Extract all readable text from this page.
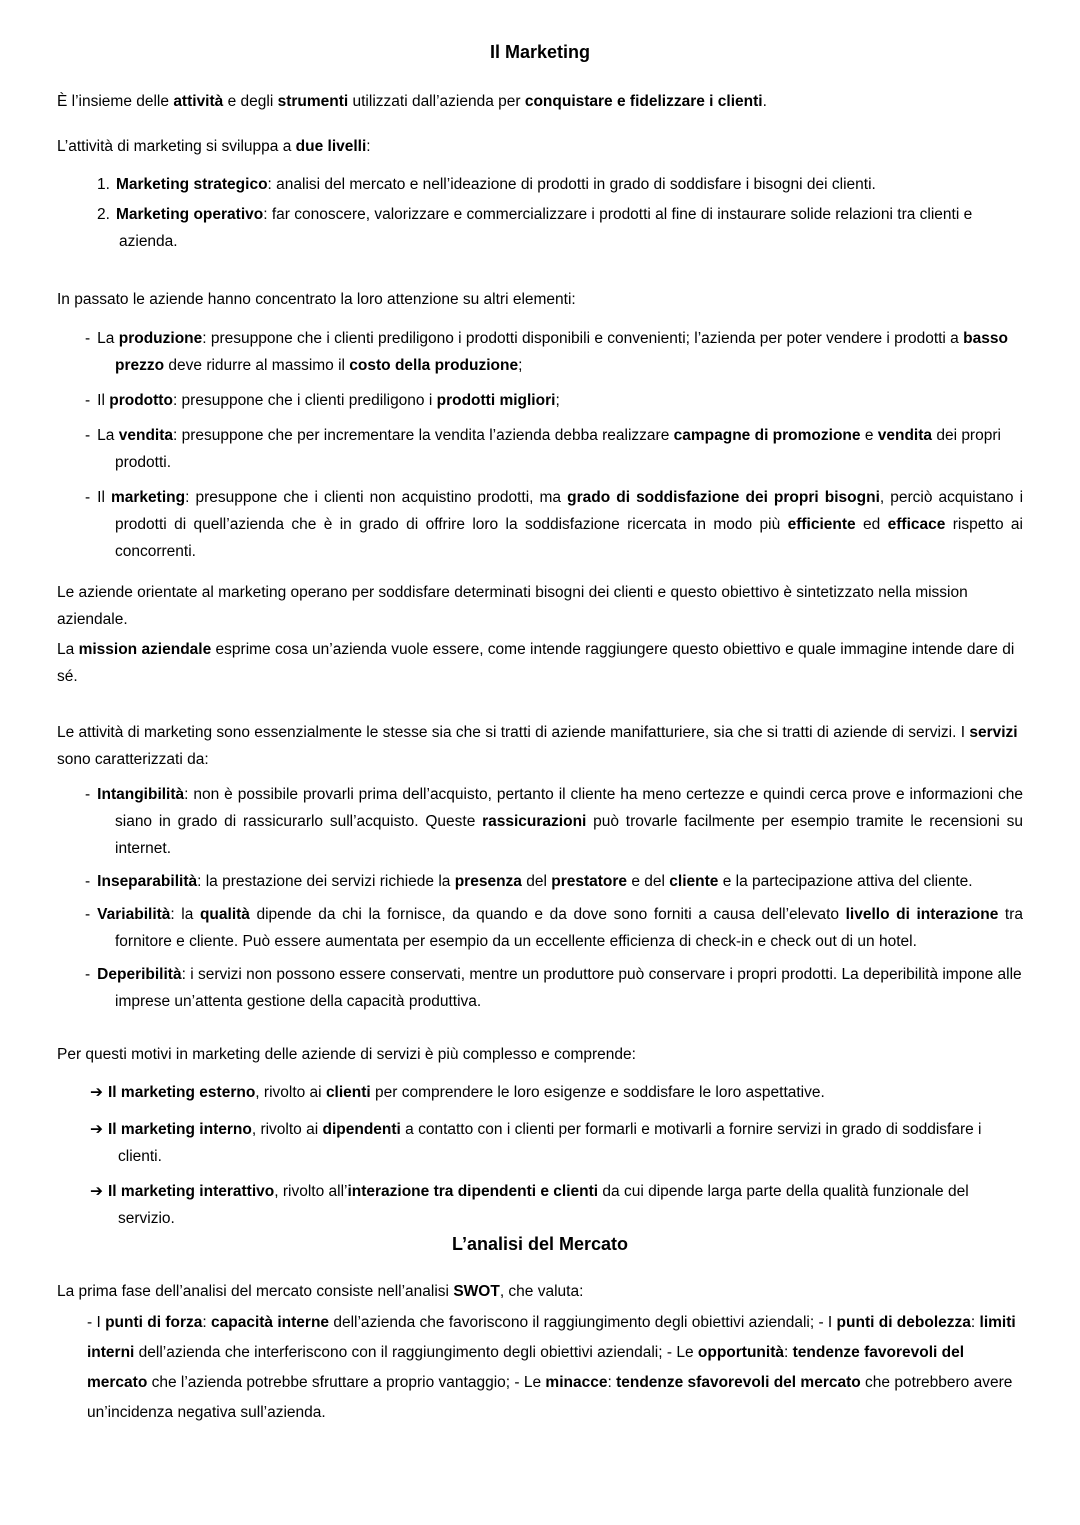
Il Marketing

È l’insieme delle attività e degli strumenti utilizzati dall’azienda per conquistare e fidelizzare i clienti.

L’attività di marketing si sviluppa a due livelli:

1. Marketing strategico: analisi del mercato e nell’ideazione di prodotti in grado di soddisfare i bisogni dei clienti.

2. Marketing operativo: far conoscere, valorizzare e commercializzare i prodotti al fine di instaurare solide relazioni tra clienti e azienda.

In passato le aziende hanno concentrato la loro attenzione su altri elementi:

- La produzione: presuppone che i clienti prediligono i prodotti disponibili e convenienti; l’azienda per poter vendere i prodotti a basso prezzo deve ridurre al massimo il costo della produzione;

- Il prodotto: presuppone che i clienti prediligono i prodotti migliori;

- La vendita: presuppone che per incrementare la vendita l’azienda debba realizzare campagne di promozione e vendita dei propri prodotti.

- Il marketing: presuppone che i clienti non acquistino prodotti, ma grado di soddisfazione dei propri bisogni, perciò acquistano i prodotti di quell’azienda che è in grado di offrire loro la soddisfazione ricercata in modo più efficiente ed efficace rispetto ai concorrenti.

Le aziende orientate al marketing operano per soddisfare determinati bisogni dei clienti e questo obiettivo è sintetizzato nella mission aziendale.

La mission aziendale esprime cosa un’azienda vuole essere, come intende raggiungere questo obiettivo e quale immagine intende dare di sé.

Le attività di marketing sono essenzialmente le stesse sia che si tratti di aziende manifatturiere, sia che si tratti di aziende di servizi. I servizi sono caratterizzati da:

- Intangibilità: non è possibile provarli prima dell’acquisto, pertanto il cliente ha meno certezze e quindi cerca prove e informazioni che siano in grado di rassicurarlo sull’acquisto. Queste rassicurazioni può trovarle facilmente per esempio tramite le recensioni su internet.

- Inseparabilità: la prestazione dei servizi richiede la presenza del prestatore e del cliente e la partecipazione attiva del cliente.

- Variabilità: la qualità dipende da chi la fornisce, da quando e da dove sono forniti a causa dell’elevato livello di interazione tra fornitore e cliente. Può essere aumentata per esempio da un eccellente efficienza di check-in e check out di un hotel.

- Deperibilità: i servizi non possono essere conservati, mentre un produttore può conservare i propri prodotti. La deperibilità impone alle imprese un’attenta gestione della capacità produttiva.

Per questi motivi in marketing delle aziende di servizi è più complesso e comprende:

➔ Il marketing esterno, rivolto ai clienti per comprendere le loro esigenze e soddisfare le loro aspettative.

➔ Il marketing interno, rivolto ai dipendenti a contatto con i clienti per formarli e motivarli a fornire servizi in grado di soddisfare i clienti.

➔ Il marketing interattivo, rivolto all’interazione tra dipendenti e clienti da cui dipende larga parte della qualità funzionale del servizio.

L’analisi del Mercato

La prima fase dell’analisi del mercato consiste nell’analisi SWOT, che valuta:

- I punti di forza: capacità interne dell’azienda che favoriscono il raggiungimento degli obiettivi aziendali; - I punti di debolezza: limiti interni dell’azienda che interferiscono con il raggiungimento degli obiettivi aziendali; - Le opportunità: tendenze favorevoli del mercato che l’azienda potrebbe sfruttare a proprio vantaggio; - Le minacce: tendenze sfavorevoli del mercato che potrebbero avere un’incidenza negativa sull’azienda.
